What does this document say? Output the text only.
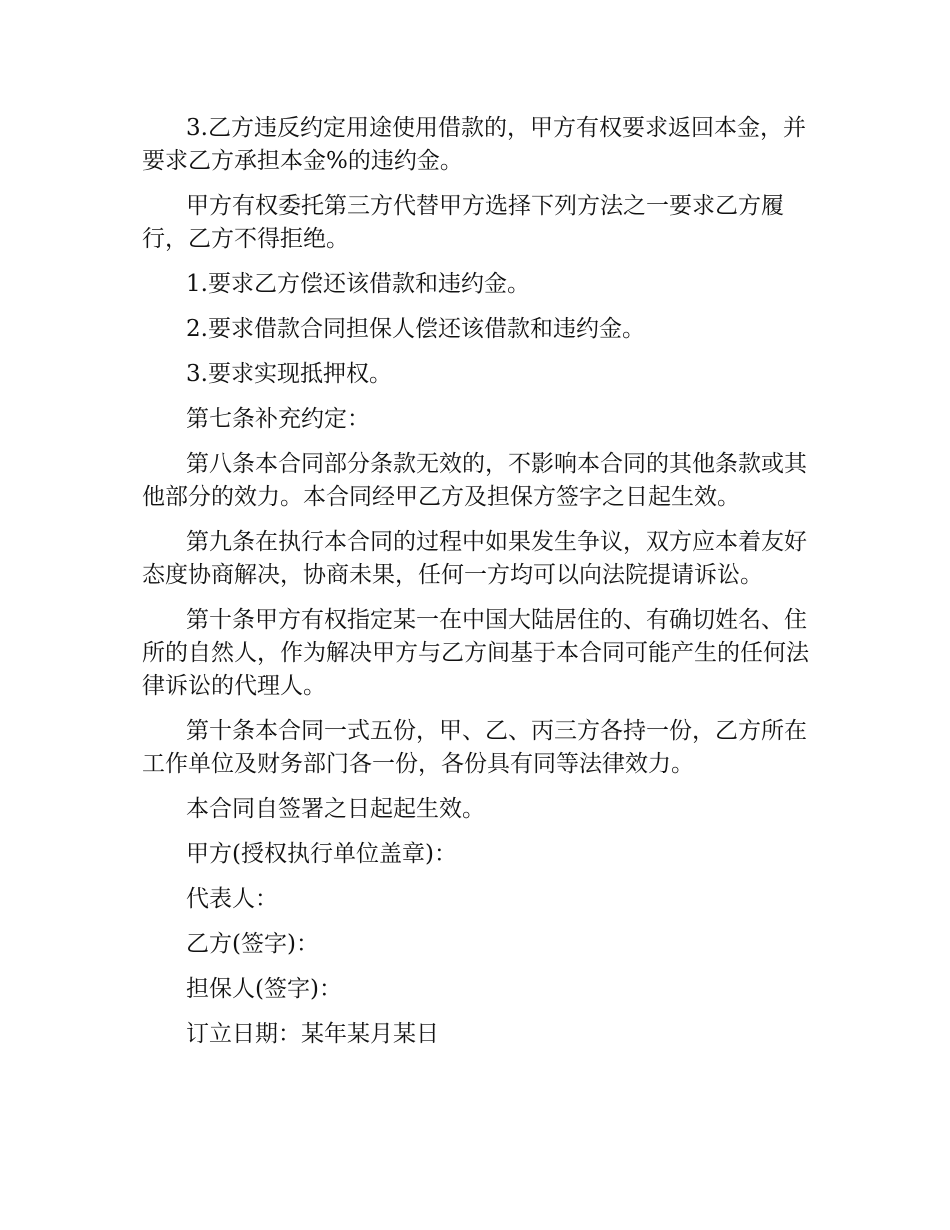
3.乙方违反约定用途使用借款的，甲方有权要求返回本金，并要求乙方承担本金%的违约金。

甲方有权委托第三方代替甲方选择下列方法之一要求乙方履行，乙方不得拒绝。

1.要求乙方偿还该借款和违约金。

2.要求借款合同担保人偿还该借款和违约金。

3.要求实现抵押权。

第七条补充约定：

第八条本合同部分条款无效的，不影响本合同的其他条款或其他部分的效力。本合同经甲乙方及担保方签字之日起生效。

第九条在执行本合同的过程中如果发生争议，双方应本着友好态度协商解决，协商未果，任何一方均可以向法院提请诉讼。

第十条甲方有权指定某一在中国大陆居住的、有确切姓名、住所的自然人，作为解决甲方与乙方间基于本合同可能产生的任何法律诉讼的代理人。

第十条本合同一式五份，甲、乙、丙三方各持一份，乙方所在工作单位及财务部门各一份，各份具有同等法律效力。

本合同自签署之日起起生效。

甲方(授权执行单位盖章)：

代表人：

乙方(签字)：

担保人(签字)：

订立日期：某年某月某日
